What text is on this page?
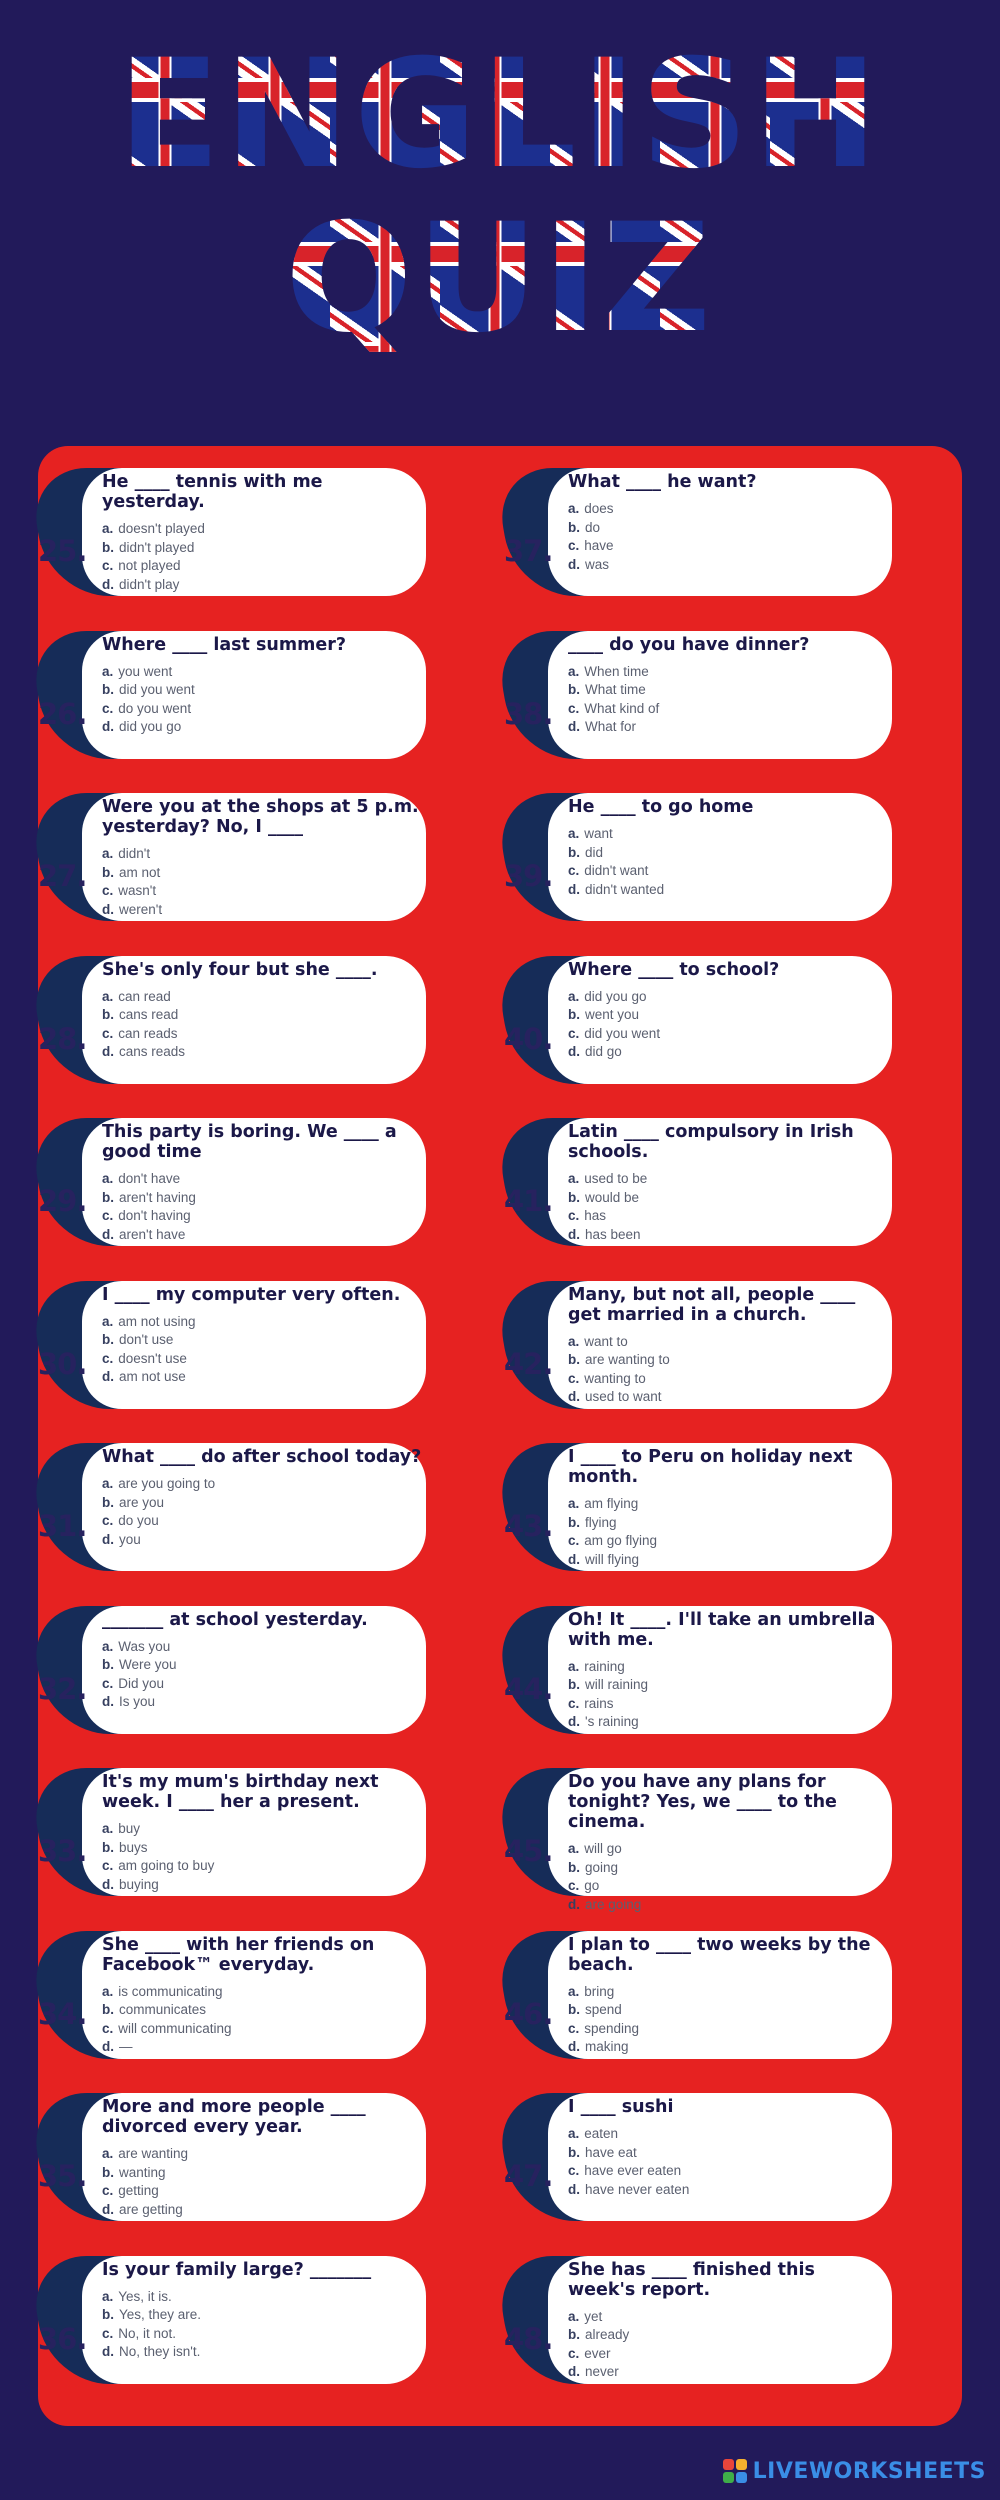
ENGLISH
QUIZ
25.
He ____ tennis with me yesterday.
a. doesn't played
b. didn't played
c. not played
d. didn't play
26.
Where ____ last summer?
a. you went
b. did you went
c. do you went
d. did you go
27.
Were you at the shops at 5 p.m. yesterday? No, I ____
a. didn't
b. am not
c. wasn't
d. weren't
28.
She's only four but she ____.
a. can read
b. cans read
c. can reads
d. cans reads
29.
This party is boring. We ____ a good time
a. don't have
b. aren't having
c. don't having
d. aren't have
30.
I ____ my computer very often.
a. am not using
b. don't use
c. doesn't use
d. am not use
31.
What ____ do after school today?
a. are you going to
b. are you
c. do you
d. you
32.
_______ at school yesterday.
a. Was you
b. Were you
c. Did you
d. Is you
33.
It's my mum's birthday next week. I ____ her a present.
a. buy
b. buys
c. am going to buy
d. buying
34.
She ____ with her friends on Facebook™ everyday.
a. is communicating
b. communicates
c. will communicating
d. —
35.
More and more people ____ divorced every year.
a. are wanting
b. wanting
c. getting
d. are getting
36.
Is your family large? _______
a. Yes, it is.
b. Yes, they are.
c. No, it not.
d. No, they isn't.
37.
What ____ he want?
a. does
b. do
c. have
d. was
38.
____ do you have dinner?
a. When time
b. What time
c. What kind of
d. What for
39.
He ____ to go home
a. want
b. did
c. didn't want
d. didn't wanted
40.
Where ____ to school?
a. did you go
b. went you
c. did you went
d. did go
41.
Latin ____ compulsory in Irish schools.
a. used to be
b. would be
c. has
d. has been
42.
Many, but not all, people ____ get married in a church.
a. want to
b. are wanting to
c. wanting to
d. used to want
43.
I ____ to Peru on holiday next month.
a. am flying
b. flying
c. am go flying
d. will flying
44.
Oh! It ____. I'll take an umbrella with me.
a. raining
b. will raining
c. rains
d. 's raining
45.
Do you have any plans for tonight? Yes, we ____ to the cinema.
a. will go
b. going
c. go
d. are going
46.
I plan to ____ two weeks by the beach.
a. bring
b. spend
c. spending
d. making
47.
I ____ sushi
a. eaten
b. have eat
c. have ever eaten
d. have never eaten
48.
She has ____ finished this week's report.
a. yet
b. already
c. ever
d. never
LIVEWORKSHEETS
